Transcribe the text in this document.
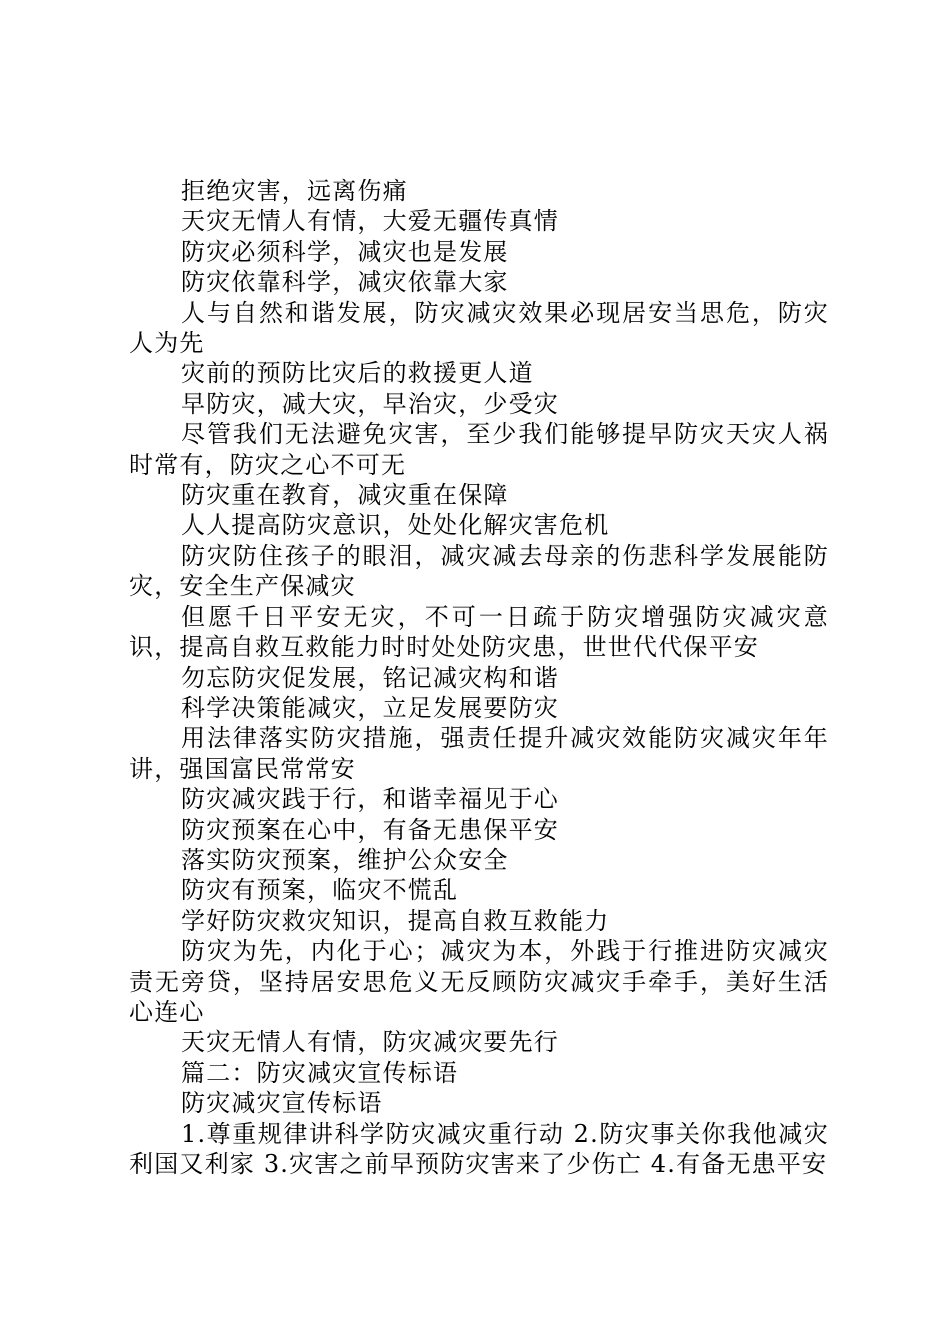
拒绝灾害，远离伤痛

天灾无情人有情，大爱无疆传真情

防灾必须科学，减灾也是发展

防灾依靠科学，减灾依靠大家

人与自然和谐发展，防灾减灾效果必现居安当思危，防灾人为先

灾前的预防比灾后的救援更人道

早防灾，减大灾，早治灾，少受灾

尽管我们无法避免灾害，至少我们能够提早防灾天灾人祸时常有，防灾之心不可无

防灾重在教育，减灾重在保障

人人提高防灾意识，处处化解灾害危机

防灾防住孩子的眼泪，减灾减去母亲的伤悲科学发展能防灾，安全生产保减灾

但愿千日平安无灾，不可一日疏于防灾增强防灾减灾意识，提高自救互救能力时时处处防灾患，世世代代保平安

勿忘防灾促发展，铭记减灾构和谐

科学决策能减灾，立足发展要防灾

用法律落实防灾措施，强责任提升减灾效能防灾减灾年年讲，强国富民常常安

防灾减灾践于行，和谐幸福见于心

防灾预案在心中，有备无患保平安

落实防灾预案，维护公众安全

防灾有预案，临灾不慌乱

学好防灾救灾知识，提高自救互救能力

防灾为先，内化于心；减灾为本，外践于行推进防灾减灾责无旁贷，坚持居安思危义无反顾防灾减灾手牵手，美好生活心连心

天灾无情人有情，防灾减灾要先行

篇二：防灾减灾宣传标语

防灾减灾宣传标语

1.尊重规律讲科学防灾减灾重行动 2.防灾事关你我他减灾利国又利家 3.灾害之前早预防灾害来了少伤亡 4.有备无患平安
